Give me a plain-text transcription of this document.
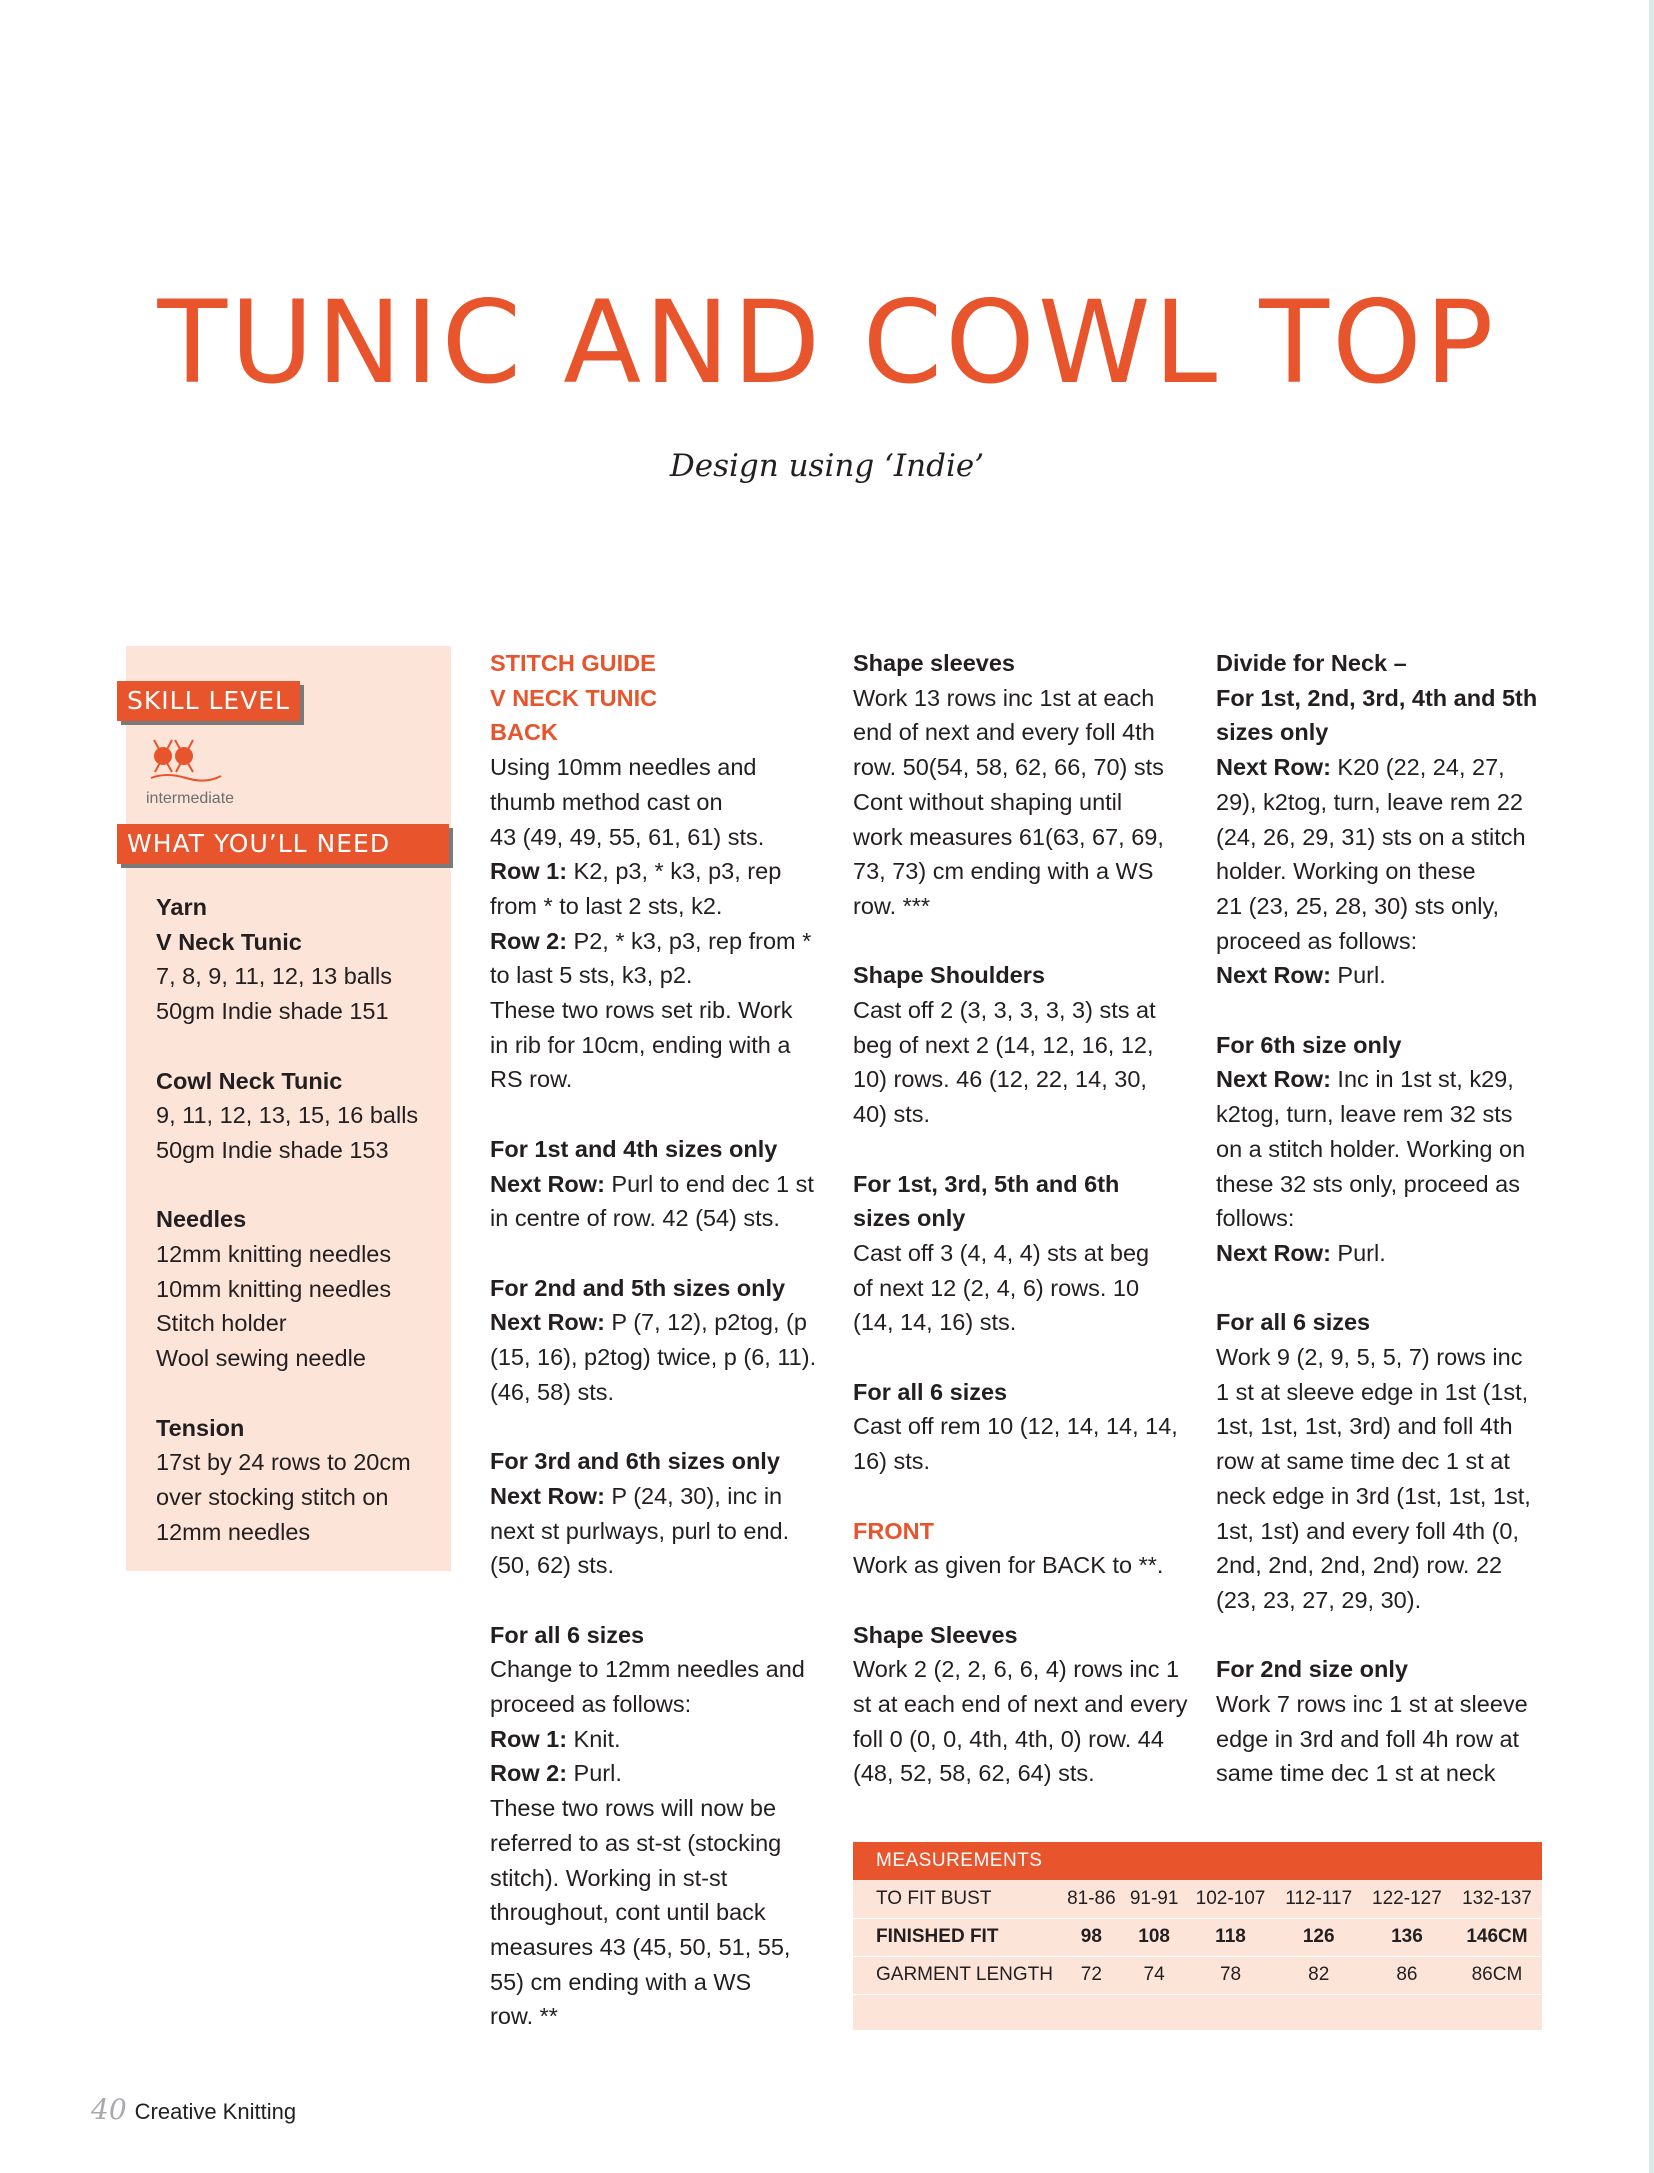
TUNIC AND COWL TOP
Design using ‘Indie’
SKILL LEVEL
intermediate
WHAT YOU’LL NEED

Yarn

V Neck Tunic

7, 8, 9, 11, 12, 13 balls

50gm Indie shade 151

Cowl Neck Tunic

9, 11, 12, 13, 15, 16 balls

50gm Indie shade 153

Needles

12mm knitting needles

10mm knitting needles

Stitch holder

Wool sewing needle

Tension

17st by 24 rows to 20cm

over stocking stitch on

12mm needles

STITCH GUIDE

V NECK TUNIC

BACK

Using 10mm needles and

thumb method cast on

43 (49, 49, 55, 61, 61) sts.

Row 1: K2, p3, * k3, p3, rep

from * to last 2 sts, k2.

Row 2: P2, * k3, p3, rep from *

to last 5 sts, k3, p2.

These two rows set rib. Work

in rib for 10cm, ending with a

RS row.

For 1st and 4th sizes only

Next Row: Purl to end dec 1 st

in centre of row. 42 (54) sts.

For 2nd and 5th sizes only

Next Row: P (7, 12), p2tog, (p

(15, 16), p2tog) twice, p (6, 11).

(46, 58) sts.

For 3rd and 6th sizes only

Next Row: P (24, 30), inc in

next st purlways, purl to end.

(50, 62) sts.

For all 6 sizes

Change to 12mm needles and

proceed as follows:

Row 1: Knit.

Row 2: Purl.

These two rows will now be

referred to as st-st (stocking

stitch). Working in st-st

throughout, cont until back

measures 43 (45, 50, 51, 55,

55) cm ending with a WS

row. **

Shape sleeves

Work 13 rows inc 1st at each

end of next and every foll 4th

row. 50(54, 58, 62, 66, 70) sts

Cont without shaping until

work measures 61(63, 67, 69,

73, 73) cm ending with a WS

row. ***

Shape Shoulders

Cast off 2 (3, 3, 3, 3, 3) sts at

beg of next 2 (14, 12, 16, 12,

10) rows. 46 (12, 22, 14, 30,

40) sts.

For 1st, 3rd, 5th and 6th

sizes only

Cast off 3 (4, 4, 4) sts at beg

of next 12 (2, 4, 6) rows. 10

(14, 14, 16) sts.

For all 6 sizes

Cast off rem 10 (12, 14, 14, 14,

16) sts.

FRONT

Work as given for BACK to **.

Shape Sleeves

Work 2 (2, 2, 6, 6, 4) rows inc 1

st at each end of next and every

foll 0 (0, 0, 4th, 4th, 0) row. 44

(48, 52, 58, 62, 64) sts.

Divide for Neck –

For 1st, 2nd, 3rd, 4th and 5th

sizes only

Next Row: K20 (22, 24, 27,

29), k2tog, turn, leave rem 22

(24, 26, 29, 31) sts on a stitch

holder. Working on these

21 (23, 25, 28, 30) sts only,

proceed as follows:

Next Row: Purl.

For 6th size only

Next Row: Inc in 1st st, k29,

k2tog, turn, leave rem 32 sts

on a stitch holder. Working on

these 32 sts only, proceed as

follows:

Next Row: Purl.

For all 6 sizes

Work 9 (2, 9, 5, 5, 7) rows inc

1 st at sleeve edge in 1st (1st,

1st, 1st, 1st, 3rd) and foll 4th

row at same time dec 1 st at

neck edge in 3rd (1st, 1st, 1st,

1st, 1st) and every foll 4th (0,

2nd, 2nd, 2nd, 2nd) row. 22

(23, 23, 27, 29, 30).

For 2nd size only

Work 7 rows inc 1 st at sleeve

edge in 3rd and foll 4h row at

same time dec 1 st at neck

MEASUREMENTS
TO FIT BUST	81-86	91-91	102-107	112-117	122-127	132-137
FINISHED FIT	98	108	118	126	136	146CM
GARMENT LENGTH	72	74	78	82	86	86CM
40 Creative Knitting
